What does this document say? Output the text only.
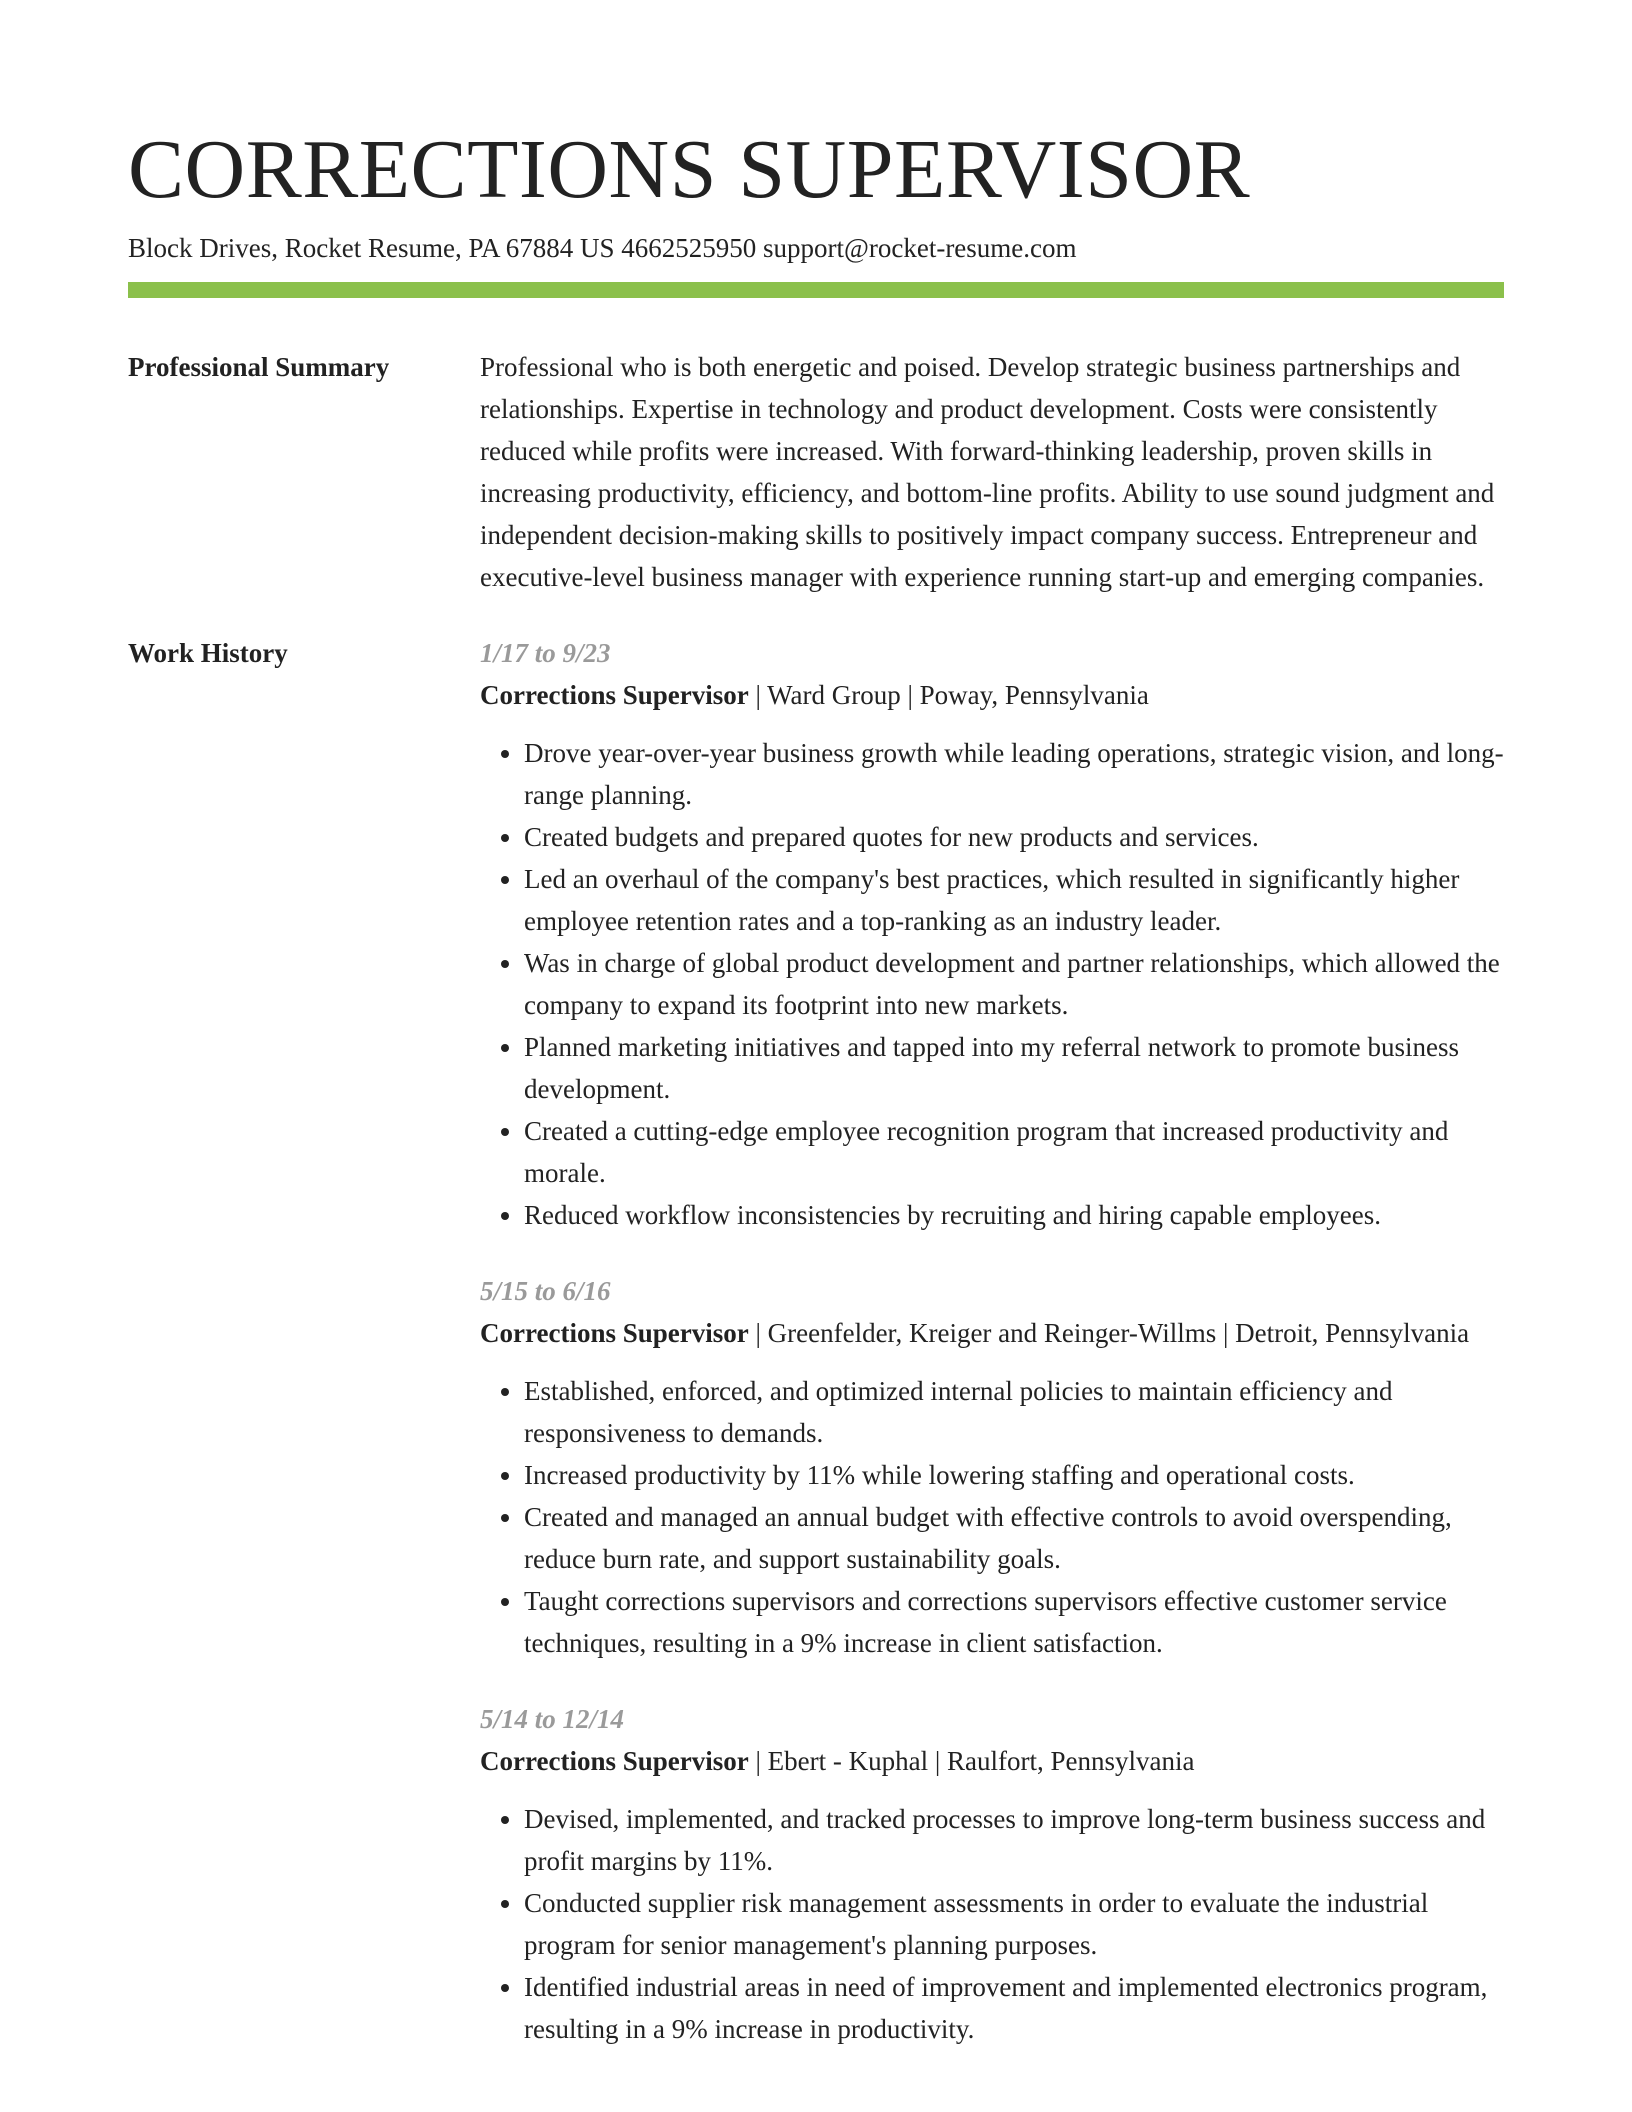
CORRECTIONS SUPERVISOR
Block Drives, Rocket Resume, PA 67884 US 4662525950 support@rocket-resume.com
Professional Summary	Professional who is both energetic and poised. Develop strategic business partnerships and relationships. Expertise in technology and product development. Costs were consistently reduced while profits were increased. With forward-thinking leadership, proven skills in increasing productivity, efficiency, and bottom-line profits. Ability to use sound judgment and independent decision-making skills to positively impact company success. Entrepreneur and executive-level business manager with experience running start-up and emerging companies.

Work History	1/17 to 9/23
Corrections Supervisor | Ward Group | Poway, Pennsylvania
• Drove year-over-year business growth while leading operations, strategic vision, and long-range planning.
• Created budgets and prepared quotes for new products and services.
• Led an overhaul of the company's best practices, which resulted in significantly higher employee retention rates and a top-ranking as an industry leader.
• Was in charge of global product development and partner relationships, which allowed the company to expand its footprint into new markets.
• Planned marketing initiatives and tapped into my referral network to promote business development.
• Created a cutting-edge employee recognition program that increased productivity and morale.
• Reduced workflow inconsistencies by recruiting and hiring capable employees.
5/15 to 6/16
Corrections Supervisor | Greenfelder, Kreiger and Reinger-Willms | Detroit, Pennsylvania
• Established, enforced, and optimized internal policies to maintain efficiency and responsiveness to demands.
• Increased productivity by 11% while lowering staffing and operational costs.
• Created and managed an annual budget with effective controls to avoid overspending, reduce burn rate, and support sustainability goals.
• Taught corrections supervisors and corrections supervisors effective customer service techniques, resulting in a 9% increase in client satisfaction.
5/14 to 12/14
Corrections Supervisor | Ebert - Kuphal | Raulfort, Pennsylvania
• Devised, implemented, and tracked processes to improve long-term business success and profit margins by 11%.
• Conducted supplier risk management assessments in order to evaluate the industrial program for senior management's planning purposes.
• Identified industrial areas in need of improvement and implemented electronics program, resulting in a 9% increase in productivity.
